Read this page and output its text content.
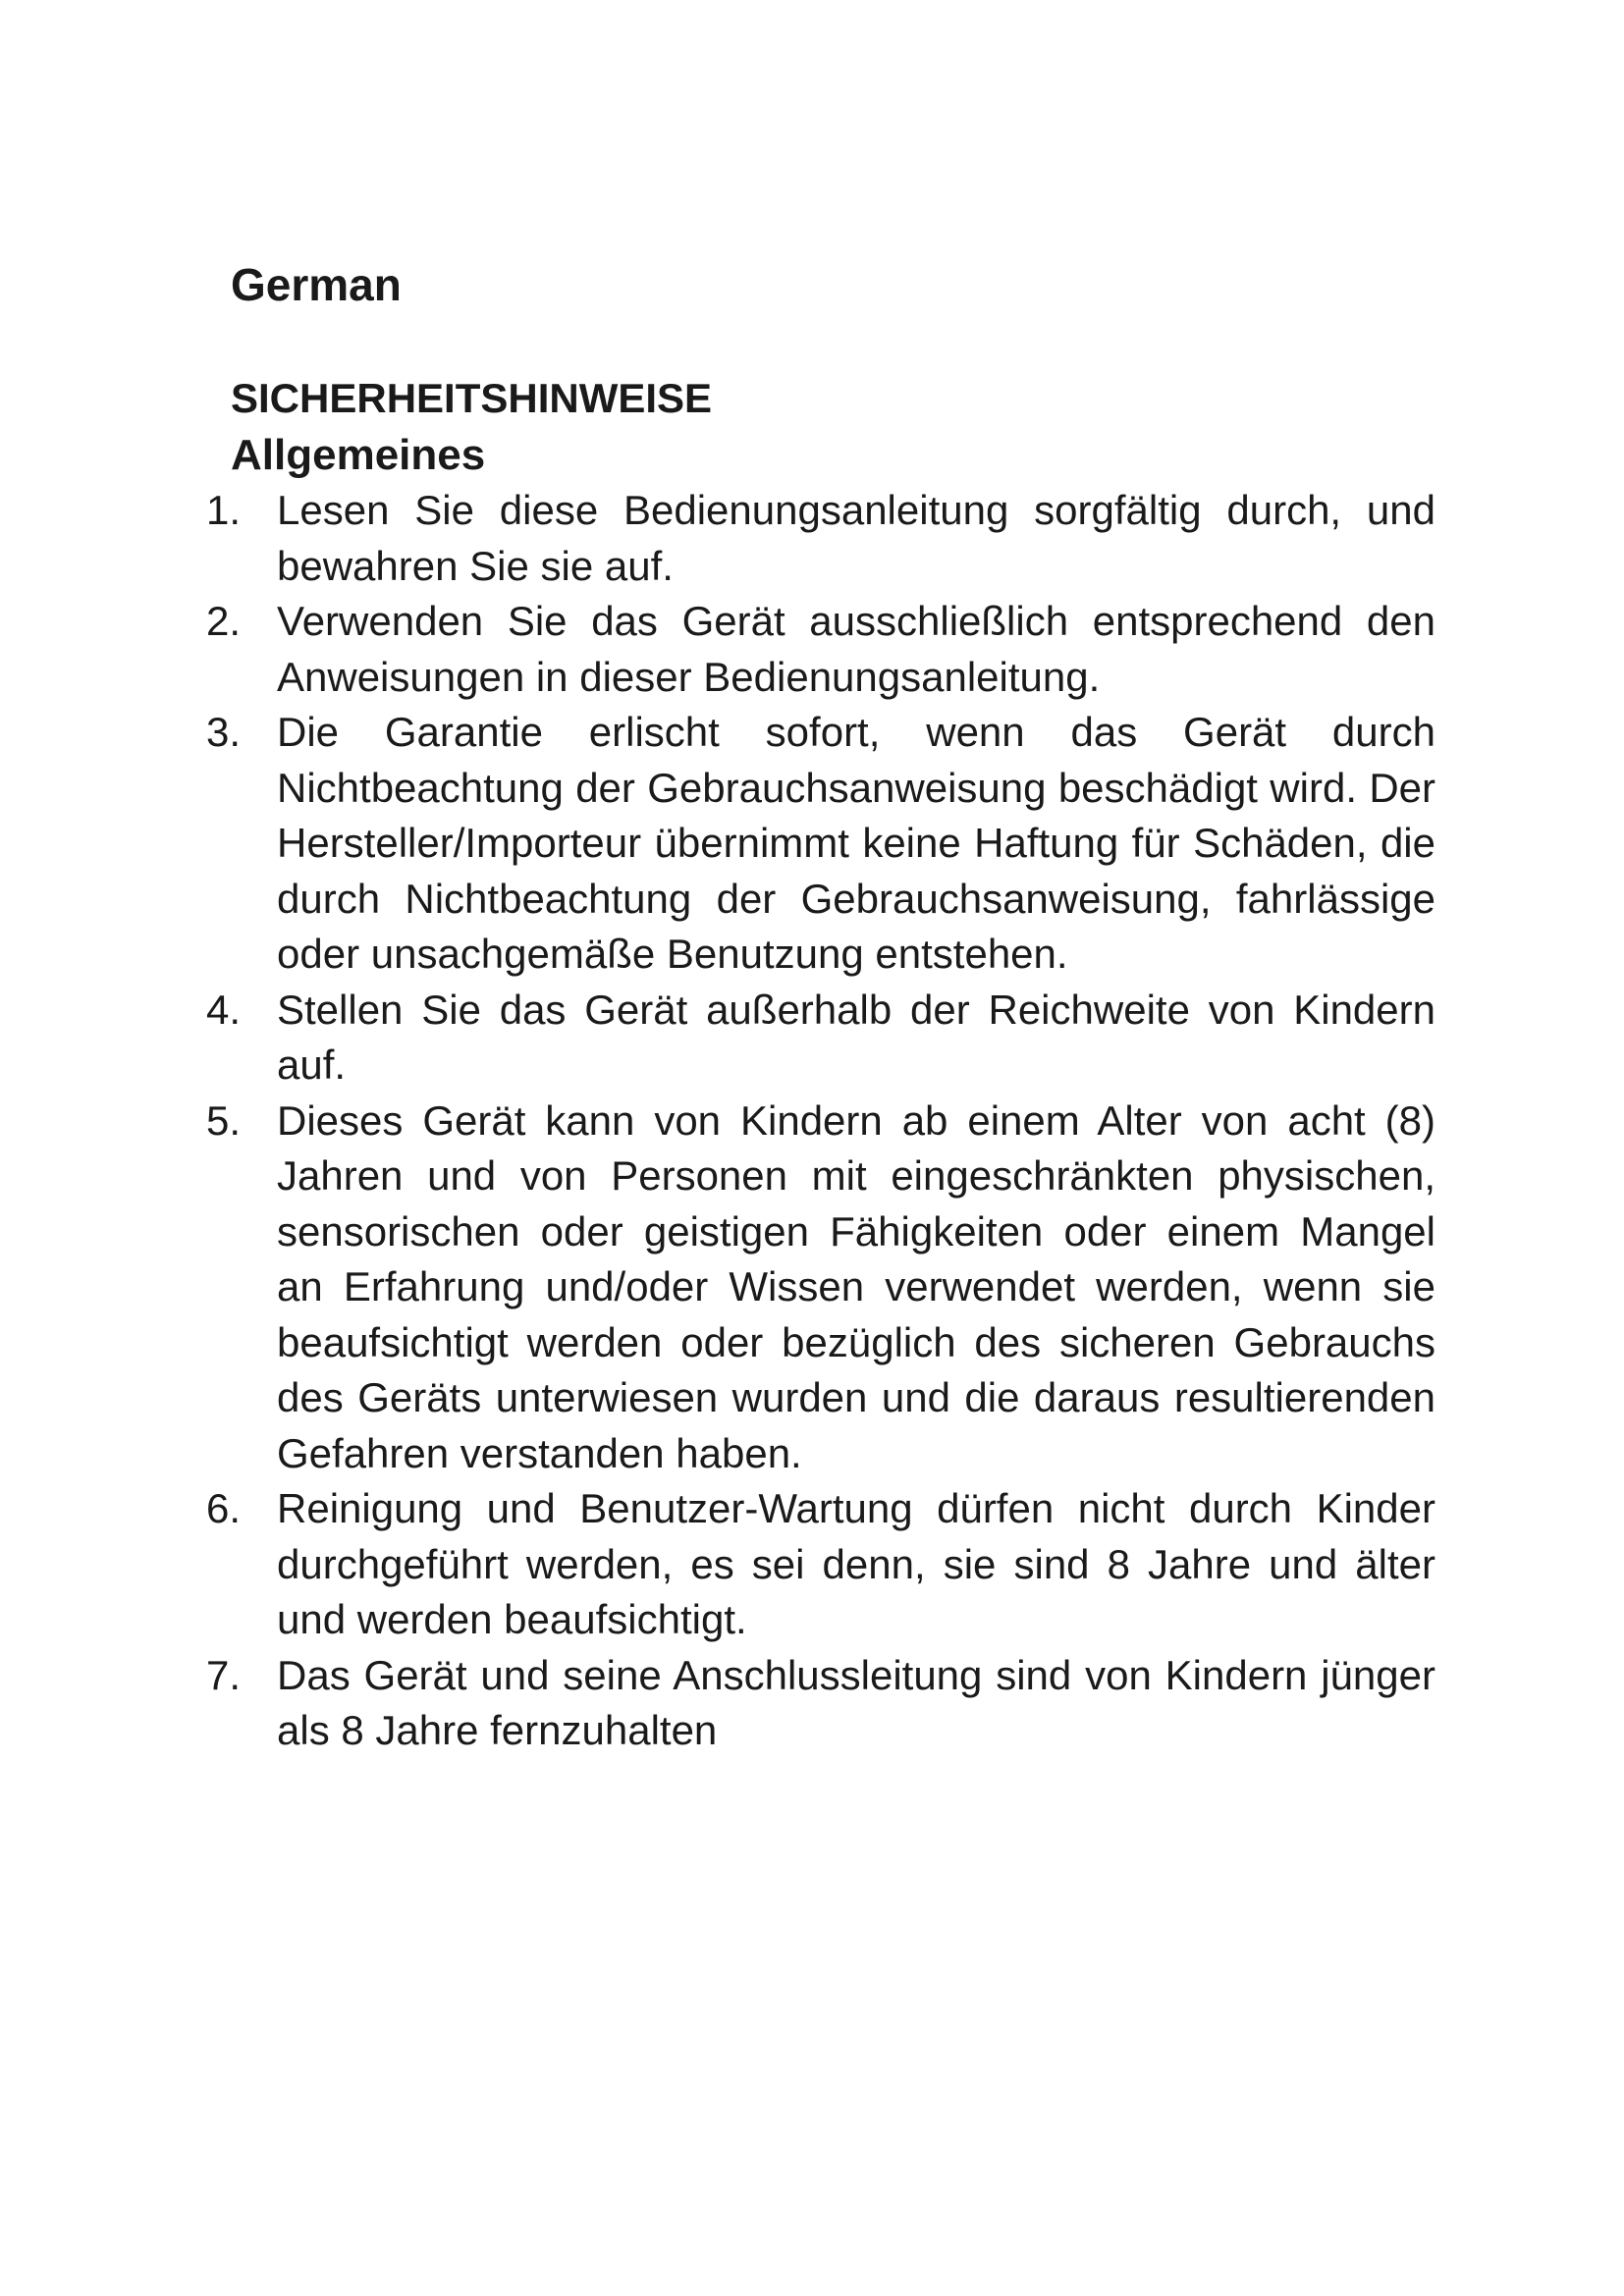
German
SICHERHEITSHINWEISE
Allgemeines
1. Lesen Sie diese Bedienungsanleitung sorgfältig durch, und bewahren Sie sie auf.
2. Verwenden Sie das Gerät ausschließlich entsprechend den Anweisungen in dieser Bedienungsanleitung.
3. Die Garantie erlischt sofort, wenn das Gerät durch Nichtbeachtung der Gebrauchsanweisung beschädigt wird. Der Hersteller/Importeur übernimmt keine Haftung für Schäden, die durch Nichtbeachtung der Gebrauchsanweisung, fahrlässige oder unsachgemäße Benutzung entstehen.
4. Stellen Sie das Gerät außerhalb der Reichweite von Kindern auf.
5. Dieses Gerät kann von Kindern ab einem Alter von acht (8) Jahren und von Personen mit eingeschränkten physischen, sensorischen oder geistigen Fähigkeiten oder einem Mangel an Erfahrung und/oder Wissen verwendet werden, wenn sie beaufsichtigt werden oder bezüglich des sicheren Gebrauchs des Geräts unterwiesen wurden und die daraus resultierenden Gefahren verstanden haben.
6. Reinigung und Benutzer-Wartung dürfen nicht durch Kinder durchgeführt werden, es sei denn, sie sind 8 Jahre und älter und werden beaufsichtigt.
7. Das Gerät und seine Anschlussleitung sind von Kindern jünger als 8 Jahre fernzuhalten
